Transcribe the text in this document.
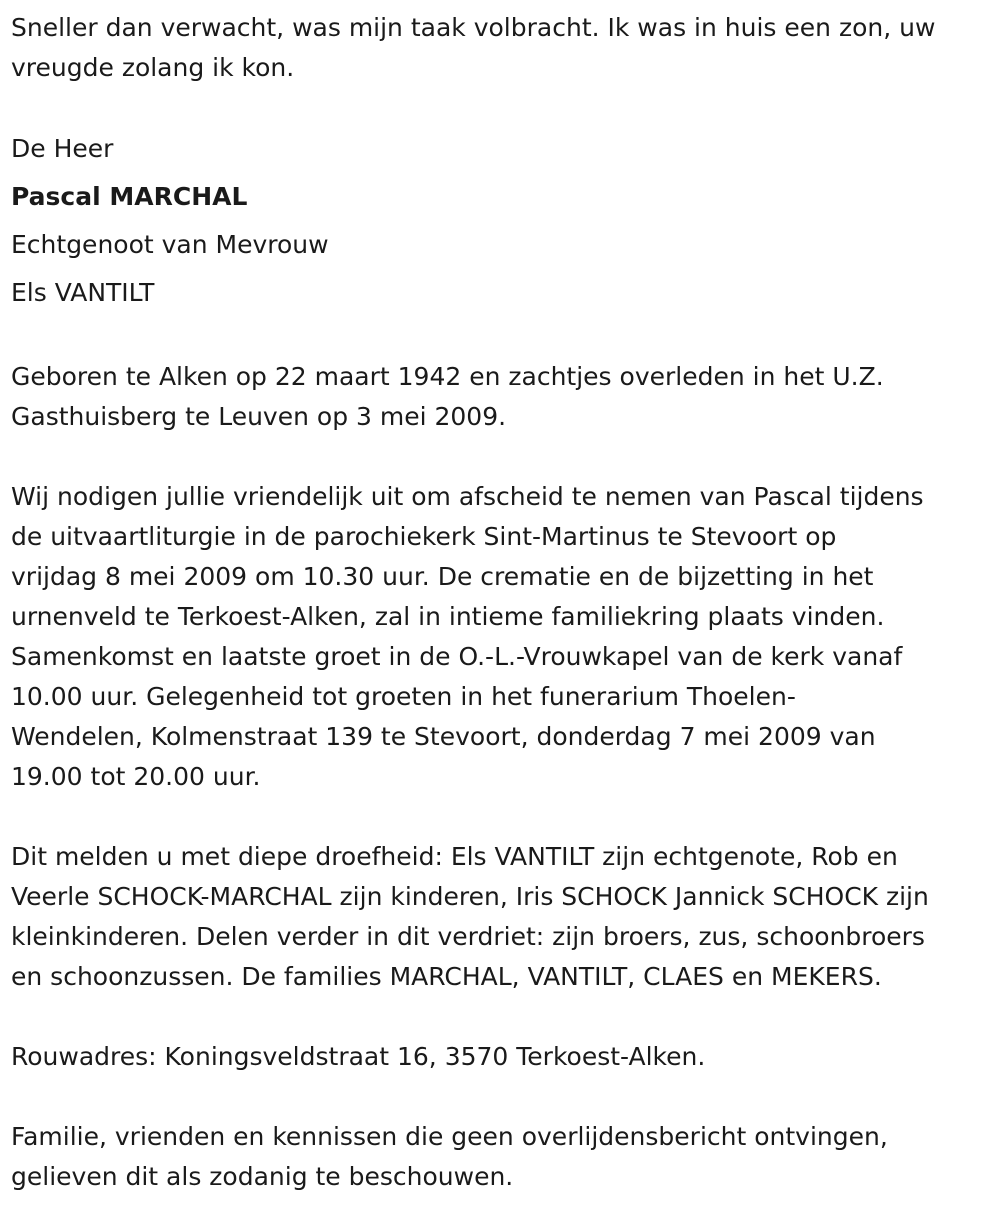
Sneller dan verwacht, was mijn taak volbracht. Ik was in huis een zon, uw
vreugde zolang ik kon.

De Heer
Pascal MARCHAL
Echtgenoot van Mevrouw
Els VANTILT

Geboren te Alken op 22 maart 1942 en zachtjes overleden in het U.Z.
Gasthuisberg te Leuven op 3 mei 2009.

Wij nodigen jullie vriendelijk uit om afscheid te nemen van Pascal tijdens
de uitvaartliturgie in de parochiekerk Sint-Martinus te Stevoort op
vrijdag 8 mei 2009 om 10.30 uur. De crematie en de bijzetting in het
urnenveld te Terkoest-Alken, zal in intieme familiekring plaats vinden.
Samenkomst en laatste groet in de O.-L.-Vrouwkapel van de kerk vanaf
10.00 uur. Gelegenheid tot groeten in het funerarium Thoelen-
Wendelen, Kolmenstraat 139 te Stevoort, donderdag 7 mei 2009 van
19.00 tot 20.00 uur.

Dit melden u met diepe droefheid: Els VANTILT zijn echtgenote, Rob en
Veerle SCHOCK-MARCHAL zijn kinderen, Iris SCHOCK Jannick SCHOCK zijn
kleinkinderen. Delen verder in dit verdriet: zijn broers, zus, schoonbroers
en schoonzussen. De families MARCHAL, VANTILT, CLAES en MEKERS.

Rouwadres: Koningsveldstraat 16, 3570 Terkoest-Alken.

Familie, vrienden en kennissen die geen overlijdensbericht ontvingen,
gelieven dit als zodanig te beschouwen.
